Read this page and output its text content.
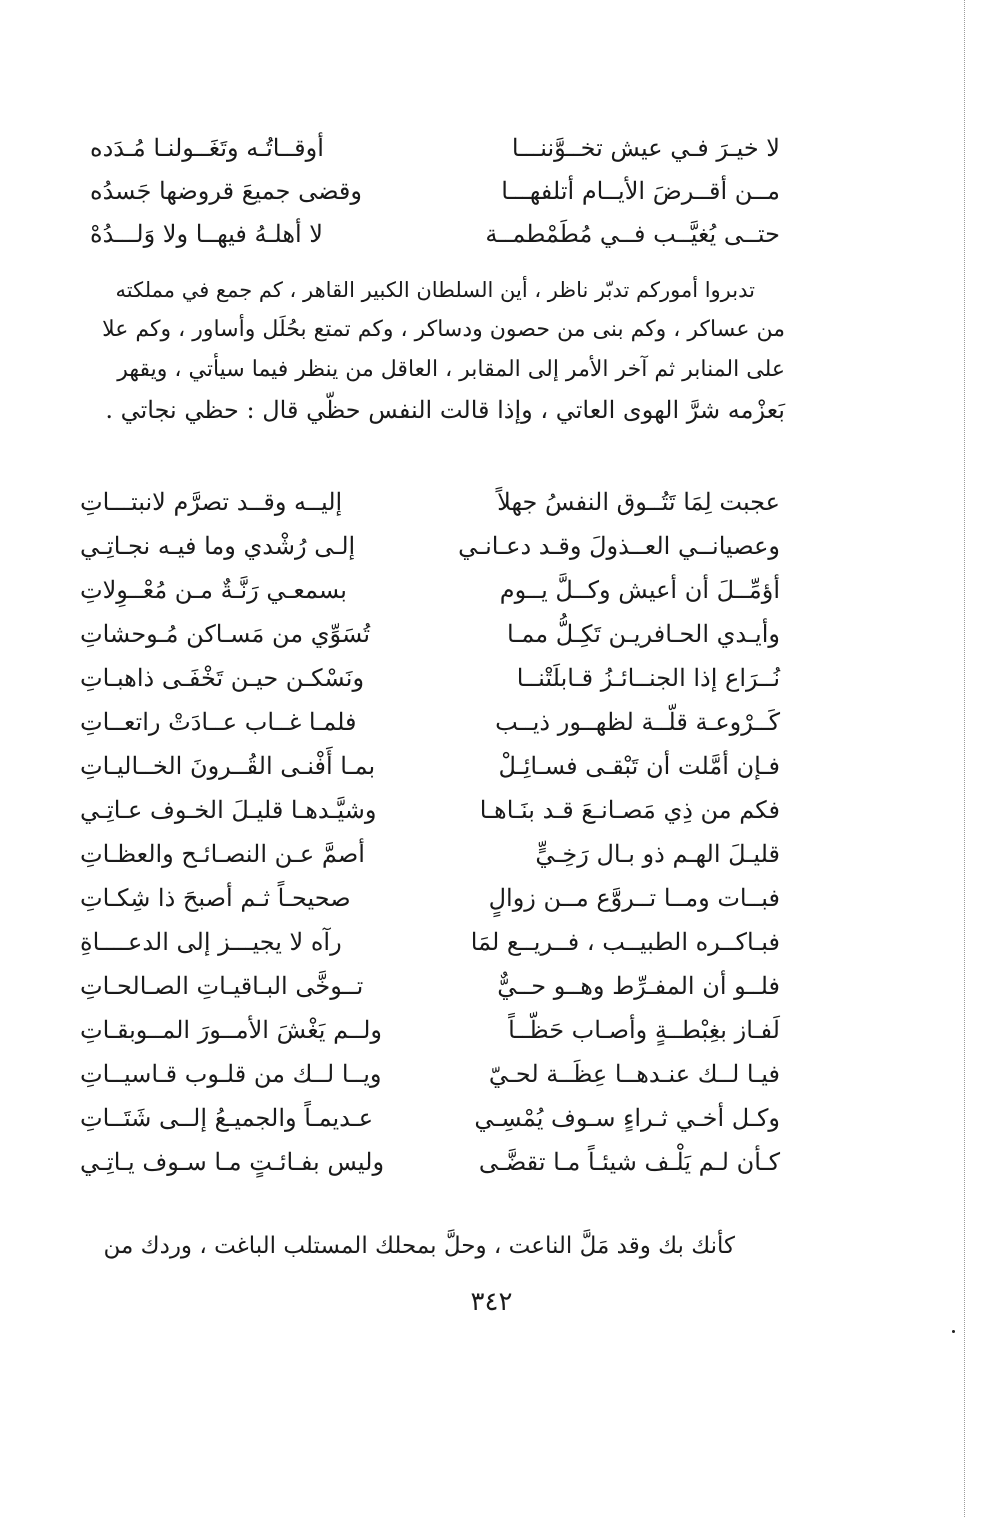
لا خيـرَ فـي عيش تخــوَّننـــا
أوقــاتُـه وتَغَــولنـا مُـدَده
مــن أقــرضَ الأيــام أتلفهـــا
وقضى جميعَ قروضها جَسدُه
حتــى يُغيَّــب فــي مُطَمْطمــة
لا أهلـهُ فيهــا ولا وَلـــدُهْ
تدبروا أموركم تدبّر ناظر ، أين السلطان الكبير القاهر ، كم جمع في مملكته
من عساكر ، وكم بنى من حصون ودساكر ، وكم تمتع بحُلَل وأساور ، وكم علا
على المنابر ثم آخر الأمر إلى المقابر ، العاقل من ينظر فيما سيأتي ، ويقهر
بَعزْمه شرَّ الهوى العاتي ، وإذا قالت النفس حظّي قال : حظي نجاتي .
عجبت لِمَا تَتُــوق النفسُ جهلاً
إليــه وقــد تصرَّم لانبتـــاتِ
وعصيانــي العــذولَ وقـد دعـانـي
إلـى رُشْدي وما فيـه نجـاتِـي
أؤمِّــلَ أن أعيش وكــلَّ يــوم
بسمعـي رَنَّـةٌ مـن مُعْــوِلاتِ
وأيـدي الحـافريـن تَكِـلُّ ممـا
تُسَوِّي من مَسـاكن مُـوحشاتِ
نُــرَاع إذا الجنــائـزُ قـابلَتْنــا
ونَسْكـن حيـن تَخْفَـى ذاهبـاتِ
كَــرْوعـة قلّــة لظهــور ذيــب
فلمـا غــاب عــادَتْ راتعــاتِ
فـإن أمَّلت أن تَبْقـى فسـائِـلْ
بمـا أَفْنـى القُــرونَ الخــاليـاتِ
فكم من ذِي مَصـانـعَ قـد بنَـاهـا
وشيَّـدهـا قليـلَ الخـوف عـاتِـي
قليـلَ الهـم ذو بـال رَخِـيٍّ
أصمَّ عـن النصـائـح والعظـاتِ
فبــات ومــا تــروَّع مــن زوالٍ
صحيحـاً ثـم أصبحَ ذا شِكـاتِ
فبـاكــره الطبيــب ، فــريــع لمَا
رآه لا يجيـــز إلى الدعــــاةِ
فلــو أن المفـرِّط وهــو حــيٌّ
تــوخَّى البـاقيـاتِ الصـالحـاتِ
لَفـاز بغِبْطــةٍ وأصـاب حَظّــاً
ولــم يَغْشَ الأمــورَ المــوبقـاتِ
فيـا لــك عنـدهــا عِظَــة لحـيّ
ويــا لــك من قلـوب قـاسيــاتِ
وكـل أخـي ثـراءٍ سـوف يُمْسِـي
عـديمـاً والجميـعُ إلــى شَتَــاتِ
كـأن لـم يَلْـف شيئـاً مـا تقضَّـى
وليس بفـائـتٍ مـا سـوف يـاتِـي
كأنك بك وقد مَلَّ الناعت ، وحلَّ بمحلك المستلب الباغت ، وردك من
٣٤٢
